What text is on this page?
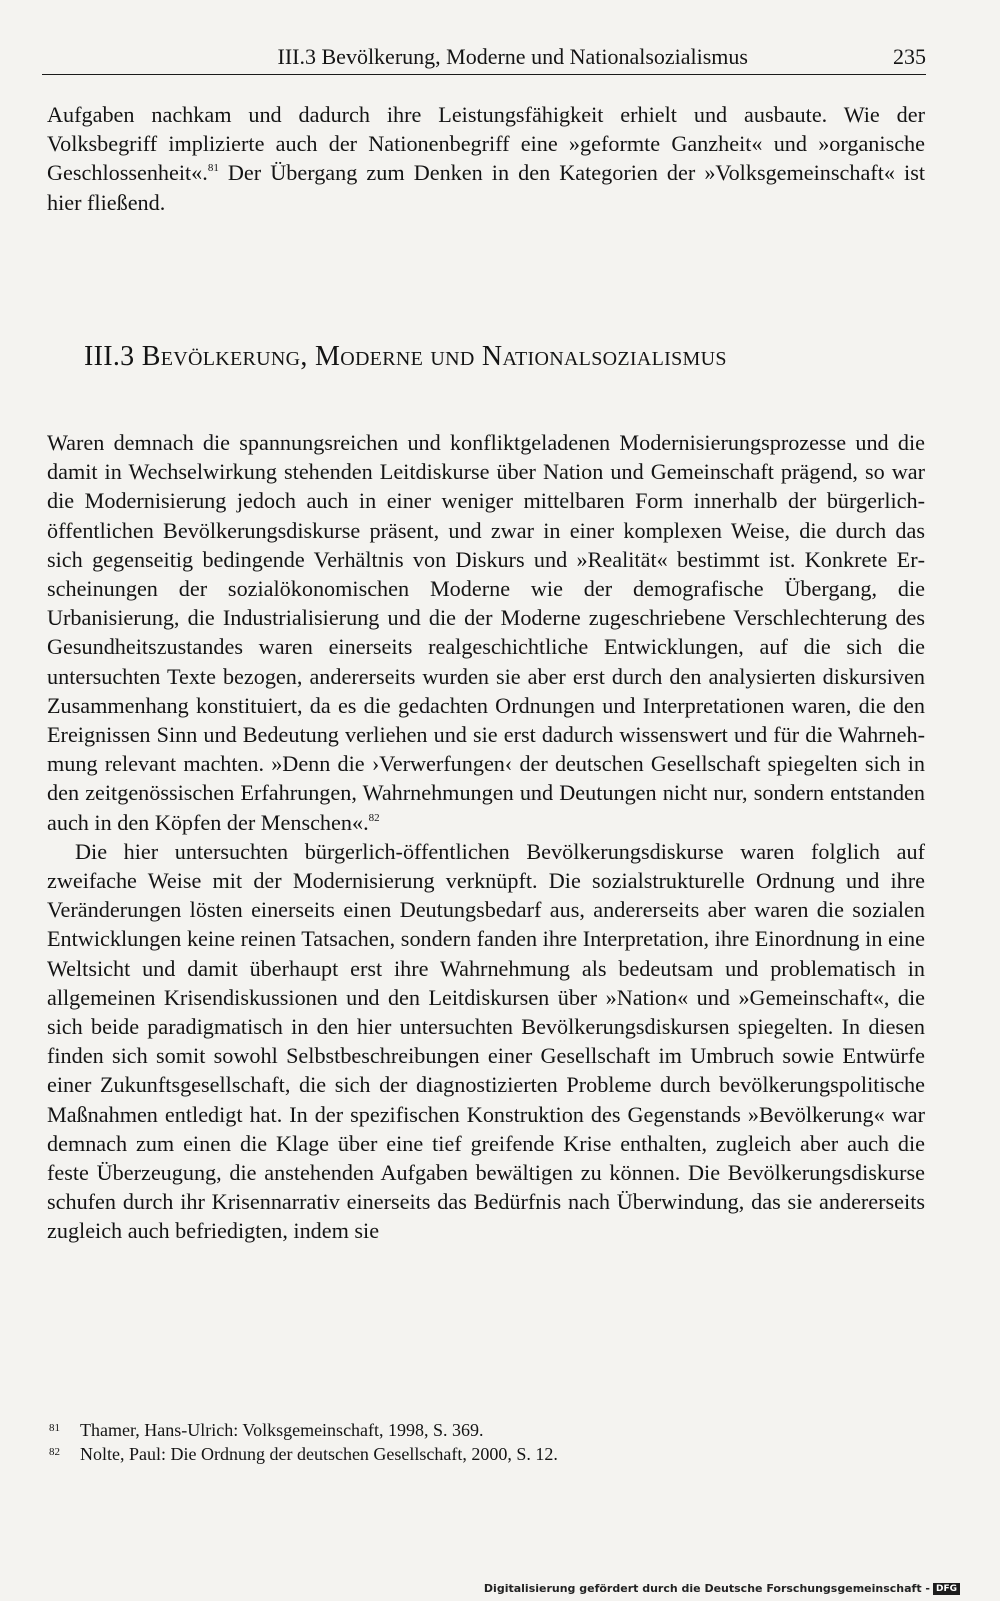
III.3 Bevölkerung, Moderne und Nationalsozialismus	235

Aufgaben nachkam und dadurch ihre Leistungsfähigkeit erhielt und ausbaute. Wie der Volksbegriff implizierte auch der Nationenbegriff eine »geformte Ganzheit« und »organische Geschlossenheit«.$^{81}$ Der Übergang zum Denken in den Kategorien der »Volksgemeinschaft« ist hier fließend.

III.3 Bevölkerung, Moderne und Nationalsozialismus

Waren demnach die spannungsreichen und konfliktgeladenen Modernisierungsprozesse und die damit in Wechselwirkung stehenden Leitdiskurse über Nation und Gemeinschaft prägend, so war die Modernisierung jedoch auch in einer weniger mittelbaren Form innerhalb der bürgerlich-öffentlichen Bevölkerungsdiskurse präsent, und zwar in einer komplexen Weise, die durch das sich gegenseitig bedingende Verhältnis von Diskurs und »Realität« bestimmt ist. Konkrete Erscheinungen der sozialökonomischen Moderne wie der demografische Übergang, die Urbanisierung, die Industrialisierung und die der Moderne zugeschriebene Verschlechterung des Gesundheitszustandes waren einerseits realgeschichtliche Entwicklungen, auf die sich die untersuchten Texte bezogen, andererseits wurden sie aber erst durch den analysierten diskursiven Zusammenhang konstituiert, da es die gedachten Ordnungen und Interpretationen waren, die den Ereignissen Sinn und Bedeutung verliehen und sie erst dadurch wissenswert und für die Wahrnehmung relevant machten. »Denn die ›Verwerfungen‹ der deutschen Gesellschaft spiegelten sich in den zeitgenössischen Erfahrungen, Wahrnehmungen und Deutungen nicht nur, sondern entstanden auch in den Köpfen der Menschen«.$^{82}$

Die hier untersuchten bürgerlich-öffentlichen Bevölkerungsdiskurse waren folglich auf zweifache Weise mit der Modernisierung verknüpft. Die sozialstrukturelle Ordnung und ihre Veränderungen lösten einerseits einen Deutungsbedarf aus, andererseits aber waren die sozialen Entwicklungen keine reinen Tatsachen, sondern fanden ihre Interpretation, ihre Einordnung in eine Weltsicht und damit überhaupt erst ihre Wahrnehmung als bedeutsam und problematisch in allgemeinen Krisendiskussionen und den Leitdiskursen über »Nation« und »Gemeinschaft«, die sich beide paradigmatisch in den hier untersuchten Bevölkerungsdiskursen spiegelten. In diesen finden sich somit sowohl Selbstbeschreibungen einer Gesellschaft im Umbruch sowie Entwürfe einer Zukunftsgesellschaft, die sich der diagnostizierten Probleme durch bevölkerungspolitische Maßnahmen entledigt hat. In der spezifischen Konstruktion des Gegenstands »Bevölkerung« war demnach zum einen die Klage über eine tief greifende Krise enthalten, zugleich aber auch die feste Überzeugung, die anstehenden Aufgaben bewältigen zu können. Die Bevölkerungsdiskurse schufen durch ihr Krisennarrativ einerseits das Bedürfnis nach Überwindung, das sie andererseits zugleich auch befriedigten, indem sie

81 Thamer, Hans-Ulrich: Volksgemeinschaft, 1998, S. 369.
82 Nolte, Paul: Die Ordnung der deutschen Gesellschaft, 2000, S. 12.
Digitalisierung gefördert durch die Deutsche Forschungsgemeinschaft - DFG
